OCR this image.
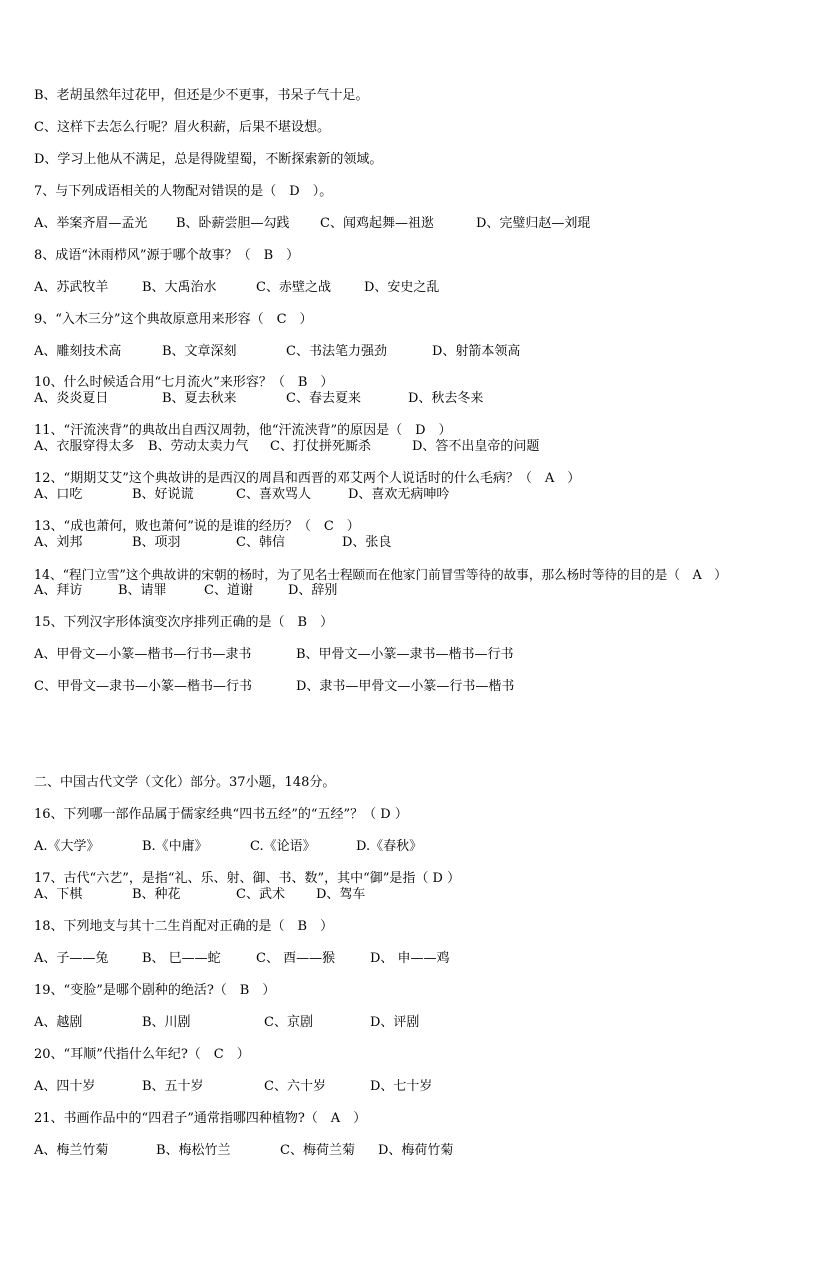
B、老胡虽然年过花甲，但还是少不更事，书呆子气十足。
C、这样下去怎么行呢？眉火积薪，后果不堪设想。
D、学习上他从不满足，总是得陇望蜀，不断探索新的领域。
7、与下列成语相关的人物配对错误的是（　D　）。
A、举案齐眉—孟光 B、卧薪尝胆—勾践 C、闻鸡起舞—祖逖	D、完璧归赵—刘琨
8、成语“沐雨栉风”源于哪个故事？（　B　）
A、苏武牧羊	B、大禹治水	C、赤壁之战	D、安史之乱
9、“入木三分”这个典故原意用来形容（　C　）
A、雕刻技术高	B、文章深刻	C、书法笔力强劲	D、射箭本领高
10、什么时候适合用“七月流火”来形容？（　B　）
A、炎炎夏日	B、夏去秋来	C、春去夏来	D、秋去冬来
11、“汗流浃背”的典故出自西汉周勃，他“汗流浃背”的原因是（　D　）
A、衣服穿得太多 B、劳动太卖力气 C、打仗拼死厮杀	D、答不出皇帝的问题
12、“期期艾艾”这个典故讲的是西汉的周昌和西晋的邓艾两个人说话时的什么毛病？（　A　）
A、口吃	B、好说谎	C、喜欢骂人	D、喜欢无病呻吟
13、“成也萧何，败也萧何”说的是谁的经历？（　C　）
A、刘邦	B、项羽	C、韩信	D、张良
14、“程门立雪”这个典故讲的宋朝的杨时，为了见名士程颐而在他家门前冒雪等待的故事，那么杨时等待的目的是（　A　）
A、拜访	B、请罪	C、道谢	D、辞别
15、下列汉字形体演变次序排列正确的是（　B　）
A、甲骨文—小篆—楷书—行书—隶书	B、甲骨文—小篆—隶书—楷书—行书
C、甲骨文—隶书—小篆—楷书—行书	D、隶书—甲骨文—小篆—行书—楷书
二、中国古代文学（文化）部分。37小题，148分。
16、下列哪一部作品属于儒家经典“四书五经”的“五经”？（ D ）
A.《大学》	B.《中庸》	C.《论语》	D.《春秋》
17、古代“六艺”，是指“礼、乐、射、御、书、数”，其中“御”是指（ D ）
A、下棋	B、种花	C、武术 D、驾车
18、下列地支与其十二生肖配对正确的是（　B　）
A、子——兔	B、 巳——蛇	C、 酉——猴	D、 申——鸡
19、“变脸”是哪个剧种的绝活?（　B　）
A、越剧	B、川剧	C、京剧	D、评剧
20、“耳顺”代指什么年纪?（　C　）
A、四十岁	B、五十岁	C、六十岁	D、七十岁
21、书画作品中的“四君子”通常指哪四种植物?（　A　）
A、梅兰竹菊	B、梅松竹兰	C、梅荷兰菊 D、梅荷竹菊
